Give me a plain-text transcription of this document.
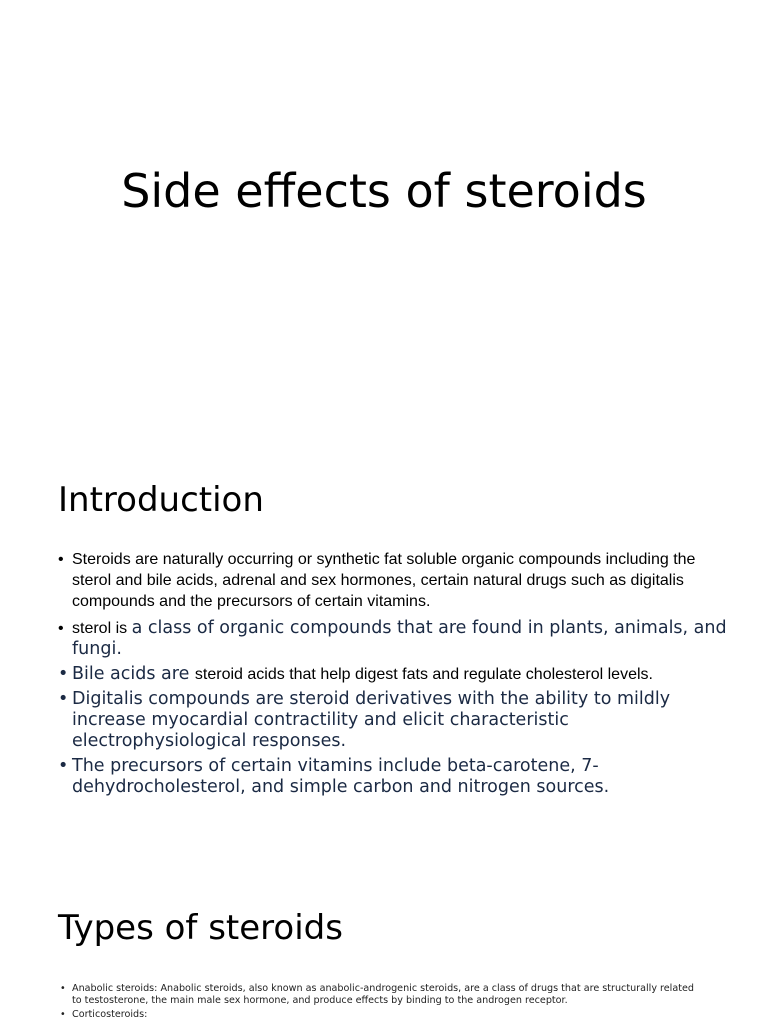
Side effects of steroids
Introduction
• Steroids are naturally occurring or synthetic fat soluble organic compounds including the sterol and bile acids, adrenal and sex hormones, certain natural drugs such as digitalis compounds and the precursors of certain vitamins.
• sterol is a class of organic compounds that are found in plants, animals, and fungi.
• Bile acids are steroid acids that help digest fats and regulate cholesterol levels.
• Digitalis compounds are steroid derivatives with the ability to mildly increase myocardial contractility and elicit characteristic electrophysiological responses.
• The precursors of certain vitamins include beta-carotene, 7-dehydrocholesterol, and simple carbon and nitrogen sources.
Types of steroids
• Anabolic steroids: Anabolic steroids, also known as anabolic-androgenic steroids, are a class of drugs that are structurally related to testosterone, the main male sex hormone, and produce effects by binding to the androgen receptor.
• Corticosteroids:
